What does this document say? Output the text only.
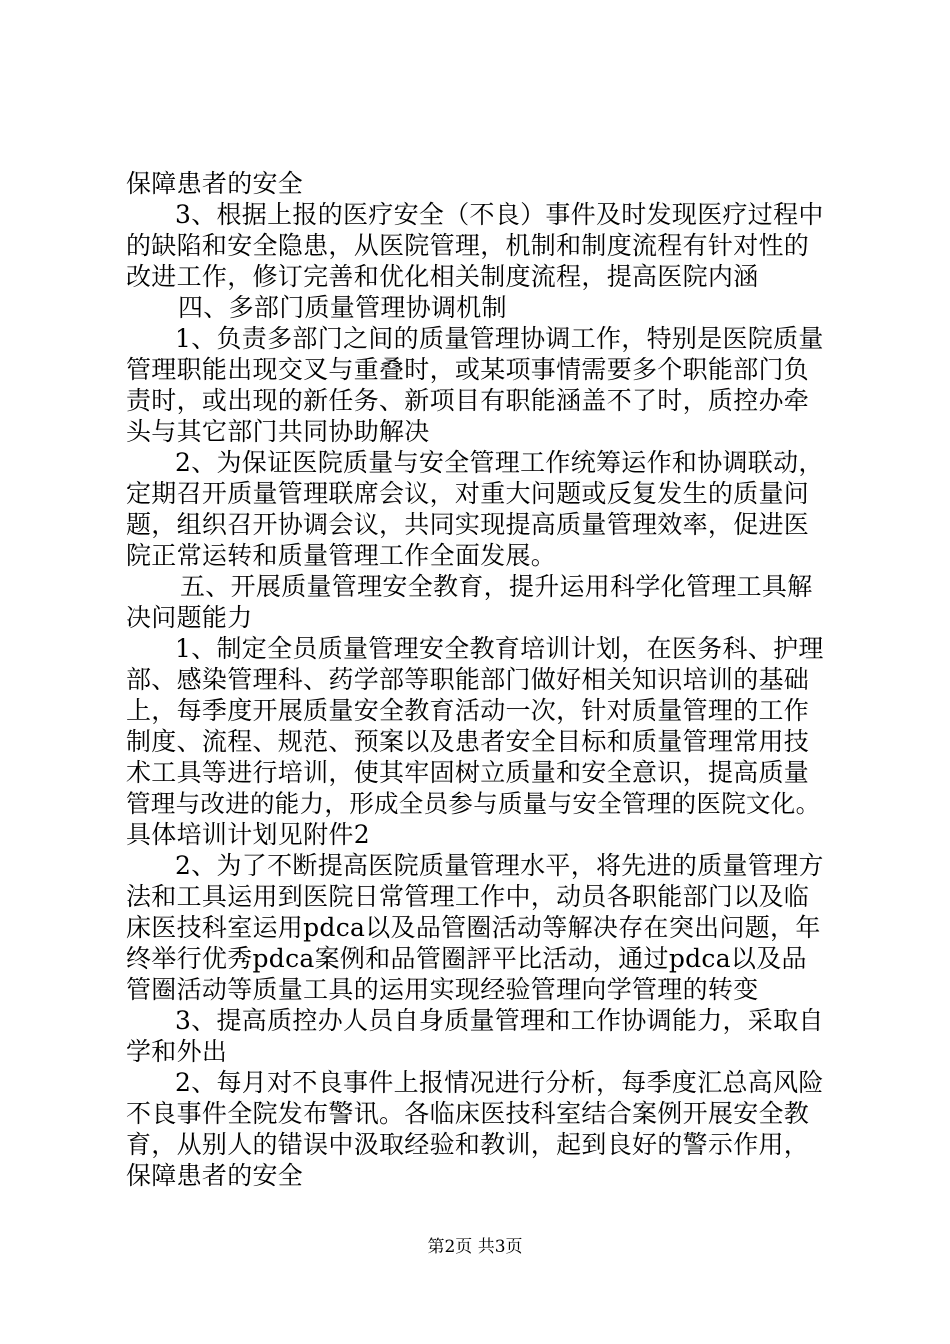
保障患者的安全
3、根据上报的医疗安全（不良）事件及时发现医疗过程中
的缺陷和安全隐患，从医院管理，机制和制度流程有针对性的
改进工作，修订完善和优化相关制度流程，提高医院内涵
四、多部门质量管理协调机制
1、负责多部门之间的质量管理协调工作，特别是医院质量
管理职能出现交叉与重叠时，或某项事情需要多个职能部门负
责时，或出现的新任务、新项目有职能涵盖不了时，质控办牵
头与其它部门共同协助解决
2、为保证医院质量与安全管理工作统筹运作和协调联动，
定期召开质量管理联席会议，对重大问题或反复发生的质量问
题，组织召开协调会议，共同实现提高质量管理效率，促进医
院正常运转和质量管理工作全面发展。
五、开展质量管理安全教育，提升运用科学化管理工具解
决问题能力
1、制定全员质量管理安全教育培训计划，在医务科、护理
部、感染管理科、药学部等职能部门做好相关知识培训的基础
上，每季度开展质量安全教育活动一次，针对质量管理的工作
制度、流程、规范、预案以及患者安全目标和质量管理常用技
术工具等进行培训，使其牢固树立质量和安全意识，提高质量
管理与改进的能力，形成全员参与质量与安全管理的医院文化。
具体培训计划见附件2
2、为了不断提高医院质量管理水平，将先进的质量管理方
法和工具运用到医院日常管理工作中，动员各职能部门以及临
床医技科室运用pdca以及品管圈活动等解决存在突出问题，年
终举行优秀pdca案例和品管圈評平比活动，通过pdca以及品
管圈活动等质量工具的运用实现经验管理向学管理的转变
3、提高质控办人员自身质量管理和工作协调能力，采取自
学和外出
2、每月对不良事件上报情况进行分析，每季度汇总高风险
不良事件全院发布警讯。各临床医技科室结合案例开展安全教
育，从别人的错误中汲取经验和教训，起到良好的警示作用，
保障患者的安全
第2页 共3页
